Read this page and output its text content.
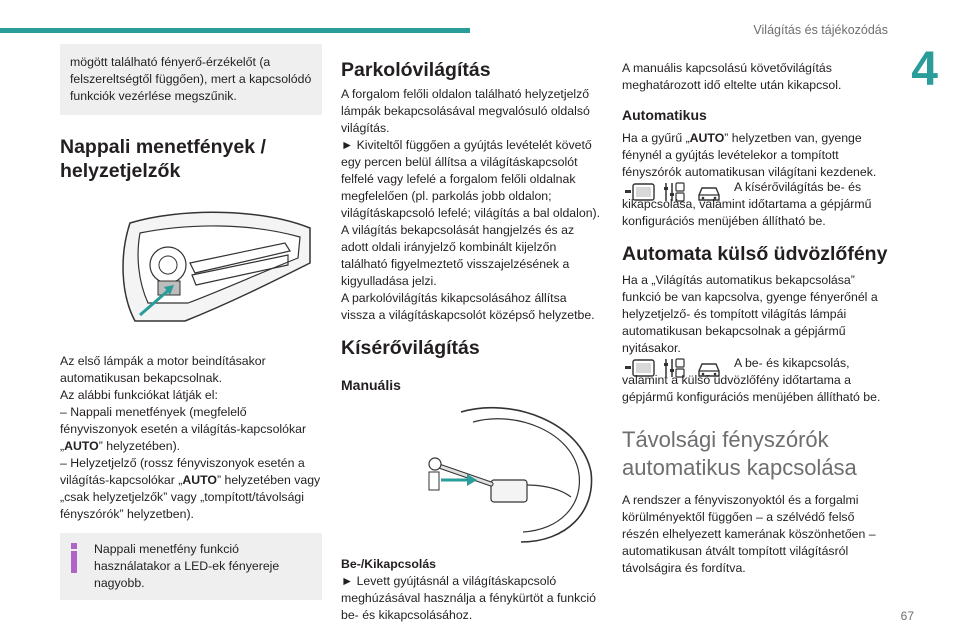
Világítás és tájékozódás
4
67
mögött található fényerő-érzékelőt (a felszereltségtől függően), mert a kapcsolódó funkciók vezérlése megszűnik.
Nappali menetfények / helyzetjelzők
Az első lámpák a motor beindításakor automatikusan bekapcsolnak.
Az alábbi funkciókat látják el:
– Nappali menetfények (megfelelő fényviszonyok esetén a világítás-kapcsolókar „AUTO” helyzetében).
– Helyzetjelző (rossz fényviszonyok esetén a világítás-kapcsolókar „AUTO” helyzetében vagy „csak helyzetjelzők” vagy „tompított/távolsági fényszórók” helyzetben).
Nappali menetfény funkció használatakor a LED-ek fényereje nagyobb.
Parkolóvilágítás
A forgalom felőli oldalon található helyzetjelző lámpák bekapcsolásával megvalósuló oldalsó világítás.
► Kiviteltől függően a gyújtás levételét követő egy percen belül állítsa a világításkapcsolót felfelé vagy lefelé a forgalom felőli oldalnak megfelelően (pl. parkolás jobb oldalon; világításkapcsoló lefelé; világítás a bal oldalon).
A világítás bekapcsolását hangjelzés és az adott oldali irányjelző kombinált kijelzőn található figyelmeztető visszajelzésének a kigyulladása jelzi.
A parkolóvilágítás kikapcsolásához állítsa vissza a világításkapcsolót középső helyzetbe.
Kísérővilágítás
Manuális
Be-/Kikapcsolás
► Levett gyújtásnál a világításkapcsoló meghúzásával használja a fénykürtöt a funkció be- és kikapcsolásához.
A manuális kapcsolású követővilágítás meghatározott idő eltelte után kikapcsol.
Automatikus
Ha a gyűrű „AUTO” helyzetben van, gyenge fénynél a gyújtás levételekor a tompított fényszórók automatikusan világítani kezdenek.
A kísérővilágítás be- és kikapcsolása, valamint időtartama a gépjármű konfigurációs menüjében állítható be.
Automata külső üdvözlőfény
Ha a „Világítás automatikus bekapcsolása” funkció be van kapcsolva, gyenge fényerőnél a helyzetjelző- és tompított világítás lámpái automatikusan bekapcsolnak a gépjármű nyitásakor.
A be- és kikapcsolás, valamint a külső üdvözlőfény időtartama a gépjármű konfigurációs menüjében állítható be.
Távolsági fényszórók automatikus kapcsolása
A rendszer a fényviszonyoktól és a forgalmi körülményektől függően – a szélvédő felső részén elhelyezett kamerának köszönhetően – automatikusan átvált tompított világításról távolságira és fordítva.
